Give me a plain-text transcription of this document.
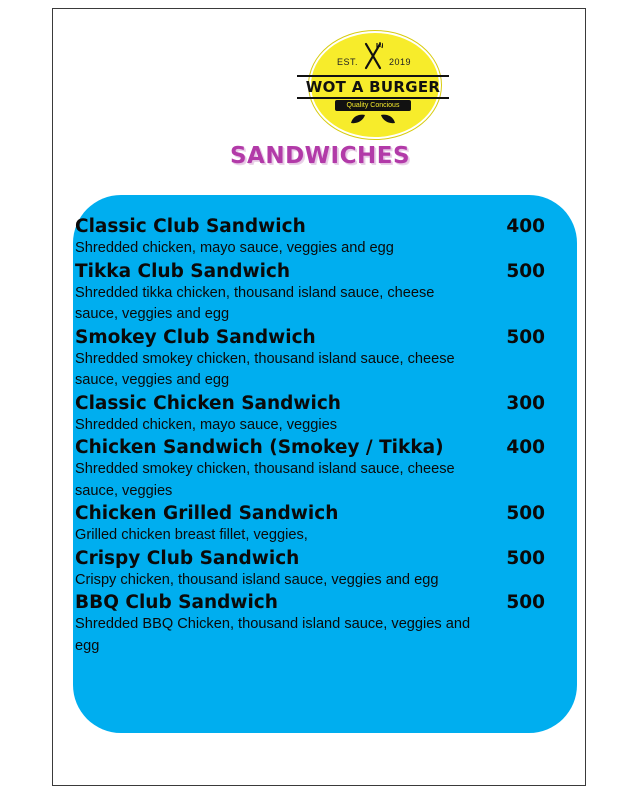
EST.	2019
WOT A BURGER
Quality Concious
SANDWICHES
Classic Club Sandwich	400
Shredded chicken, mayo sauce, veggies and egg
Tikka Club Sandwich	500
Shredded tikka chicken, thousand island sauce, cheese sauce, veggies and egg
Smokey Club Sandwich	500
Shredded smokey chicken, thousand island sauce, cheese sauce, veggies and egg
Classic Chicken Sandwich	300
Shredded chicken, mayo sauce, veggies
Chicken Sandwich (Smokey / Tikka)	400
Shredded smokey chicken, thousand island sauce, cheese sauce, veggies
Chicken Grilled Sandwich	500
Grilled chicken breast fillet, veggies,
Crispy Club Sandwich	500
Crispy chicken, thousand island sauce, veggies and egg
BBQ Club Sandwich	500
Shredded BBQ Chicken, thousand island sauce, veggies and egg
